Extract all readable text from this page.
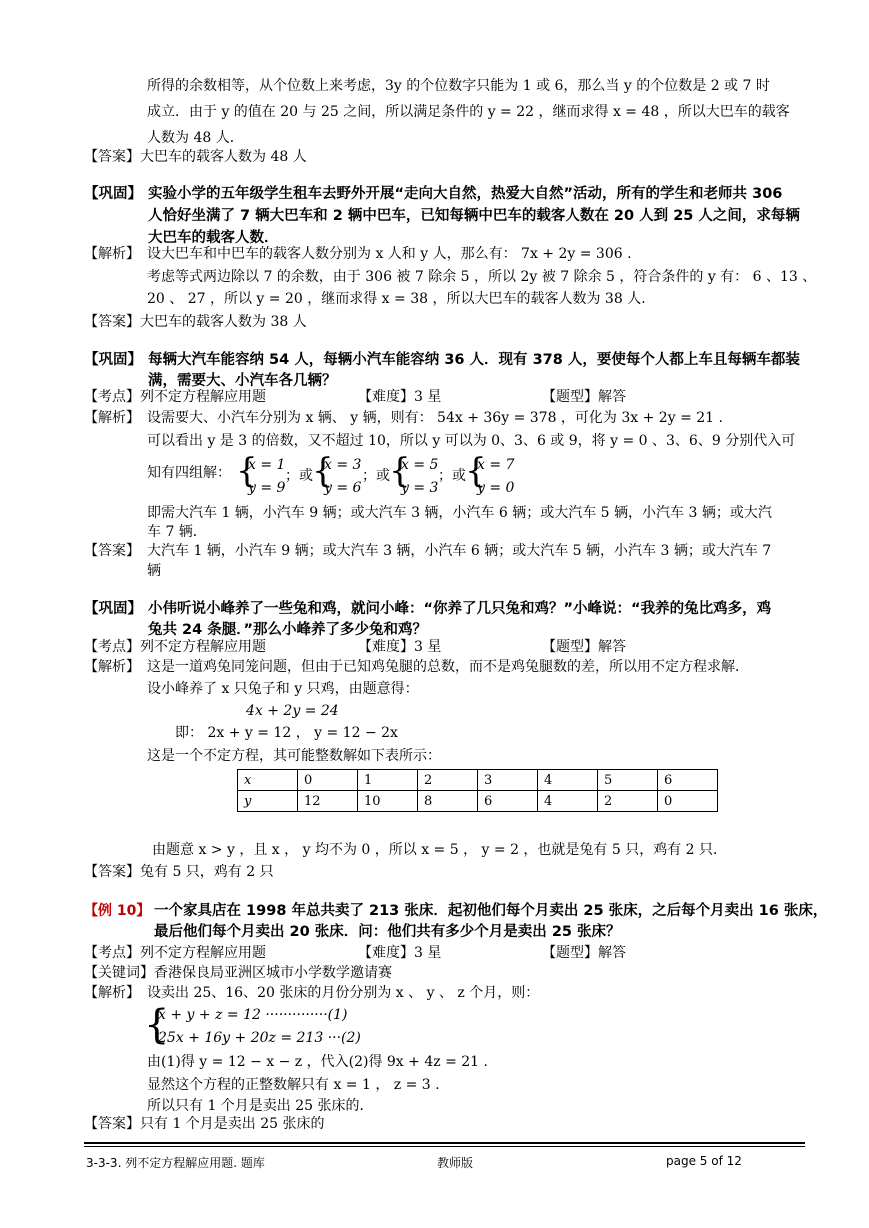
所得的余数相等，从个位数上来考虑，3y 的个位数字只能为 1 或 6，那么当 y 的个位数是 2 或 7 时
成立．由于 y 的值在 20 与 25 之间，所以满足条件的 y = 22 ，继而求得 x = 48 ，所以大巴车的载客
人数为 48 人．
【答案】大巴车的载客人数为 48 人
【巩固】 实验小学的五年级学生租车去野外开展“走向大自然，热爱大自然”活动，所有的学生和老师共 306
人恰好坐满了 7 辆大巴车和 2 辆中巴车，已知每辆中巴车的载客人数在 20 人到 25 人之间，求每辆
大巴车的载客人数．
【解析】 设大巴车和中巴车的载客人数分别为 x 人和 y 人，那么有： 7x + 2y = 306 .
考虑等式两边除以 7 的余数，由于 306 被 7 除余 5 ，所以 2y 被 7 除余 5 ，符合条件的 y 有： 6 、13 、
20 、 27 ，所以 y = 20 ，继而求得 x = 38 ，所以大巴车的载客人数为 38 人．
【答案】大巴车的载客人数为 38 人
【巩固】 每辆大汽车能容纳 54 人，每辆小汽车能容纳 36 人．现有 378 人，要使每个人都上车且每辆车都装
满，需要大、小汽车各几辆？
【考点】列不定方程解应用题	【难度】3 星	【题型】解答
【解析】 设需要大、小汽车分别为 x 辆、 y 辆，则有： 54x + 36y = 378 ，可化为 3x + 2y = 21 .
可以看出 y 是 3 的倍数，又不超过 10，所以 y 可以为 0、3、6 或 9，将 y = 0 、3、6、9 分别代入可
知有四组解： {
x = 1
y = 9
；或 {
x = 3
y = 6
；或 {
x = 5
y = 3
；或 {
x = 7
y = 0
即需大汽车 1 辆，小汽车 9 辆；或大汽车 3 辆，小汽车 6 辆；或大汽车 5 辆，小汽车 3 辆；或大汽
车 7 辆．
【答案】 大汽车 1 辆，小汽车 9 辆；或大汽车 3 辆，小汽车 6 辆；或大汽车 5 辆，小汽车 3 辆；或大汽车 7
辆
【巩固】 小伟听说小峰养了一些兔和鸡，就问小峰：“你养了几只兔和鸡？”小峰说：“我养的兔比鸡多，鸡
兔共 24 条腿．”那么小峰养了多少兔和鸡？
【考点】列不定方程解应用题	【难度】3 星	【题型】解答
【解析】 这是一道鸡兔同笼问题，但由于已知鸡兔腿的总数，而不是鸡兔腿数的差，所以用不定方程求解．
设小峰养了 x 只兔子和 y 只鸡，由题意得：
4x + 2y = 24
即： 2x + y = 12 ， y = 12 − 2x
这是一个不定方程，其可能整数解如下表所示：
x	0	1	2	3	4	5	6
y	12	10	8	6	4	2	0
由题意 x > y ，且 x ， y 均不为 0 ，所以 x = 5 ， y = 2 ，也就是兔有 5 只，鸡有 2 只．
【答案】兔有 5 只，鸡有 2 只
【例 10】 一个家具店在 1998 年总共卖了 213 张床．起初他们每个月卖出 25 张床，之后每个月卖出 16 张床，
最后他们每个月卖出 20 张床．问：他们共有多少个月是卖出 25 张床？
【考点】列不定方程解应用题	【难度】3 星	【题型】解答
【关键词】香港保良局亚洲区城市小学数学邀请赛
【解析】 设卖出 25、16、20 张床的月份分别为 x 、 y 、 z 个月，则：
{
x + y + z = 12 ··············(1)
25x + 16y + 20z = 213 ···(2)
由(1)得 y = 12 − x − z ，代入(2)得 9x + 4z = 21 .
显然这个方程的正整数解只有 x = 1 ， z = 3 .
所以只有 1 个月是卖出 25 张床的．
【答案】只有 1 个月是卖出 25 张床的
3-3-3. 列不定方程解应用题. 题库	教师版	page 5 of 12
